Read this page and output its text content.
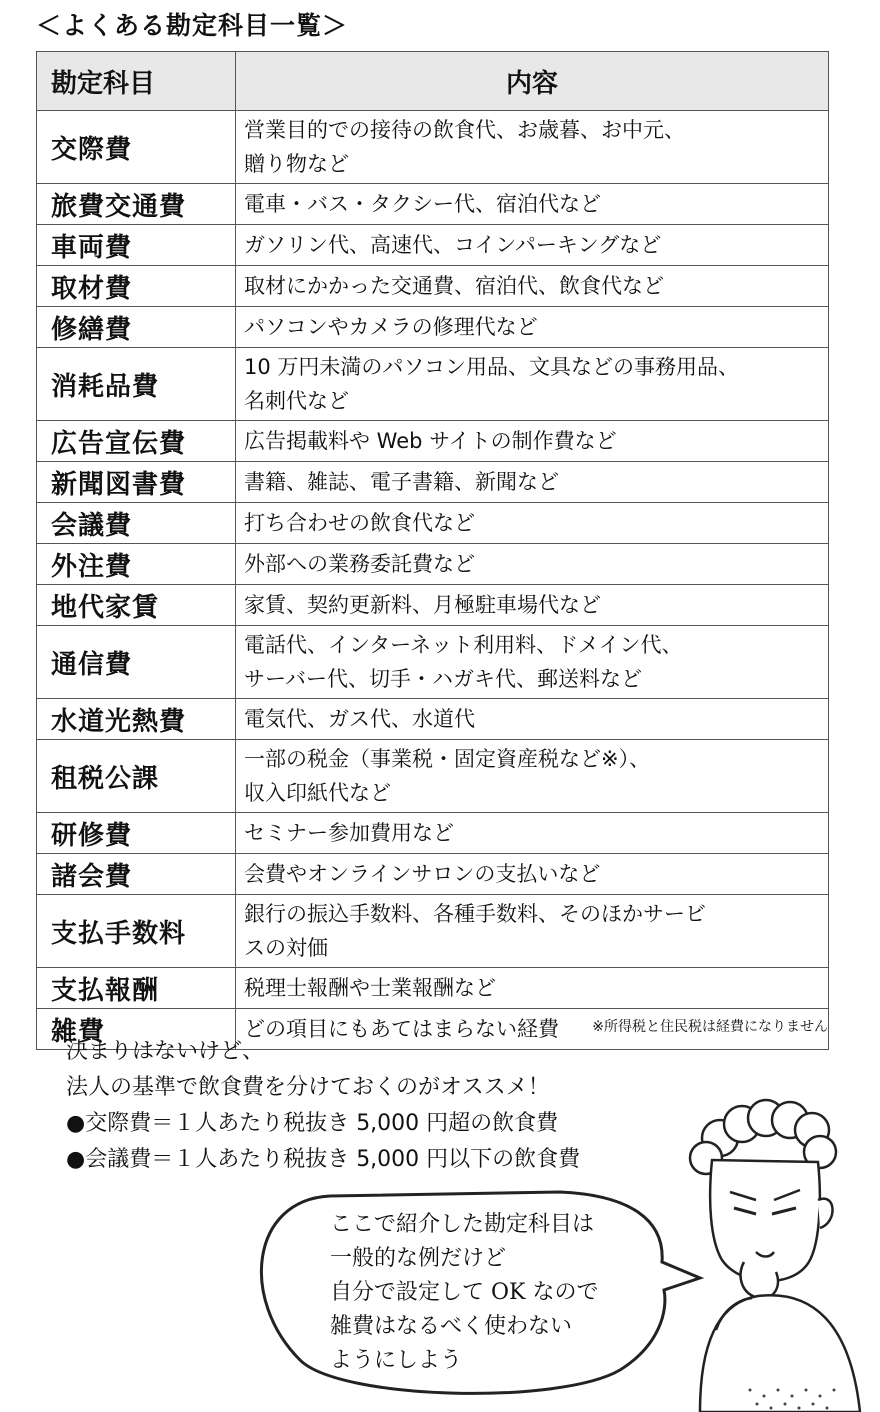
＜よくある勘定科目一覧＞
勘定科目	内容
交際費	営業目的での接待の飲食代、お歳暮、お中元、
贈り物など

旅費交通費	電車・バス・タクシー代、宿泊代など

車両費	ガソリン代、高速代、コインパーキングなど

取材費	取材にかかった交通費、宿泊代、飲食代など

修繕費	パソコンやカメラの修理代など

消耗品費	10 万円未満のパソコン用品、文具などの事務用品、
名刺代など

広告宣伝費	広告掲載料や Web サイトの制作費など

新聞図書費	書籍、雑誌、電子書籍、新聞など

会議費	打ち合わせの飲食代など

外注費	外部への業務委託費など

地代家賃	家賃、契約更新料、月極駐車場代など

通信費	電話代、インターネット利用料、ドメイン代、
サーバー代、切手・ハガキ代、郵送料など

水道光熱費	電気代、ガス代、水道代

租税公課	一部の税金（事業税・固定資産税など※）、
収入印紙代など

研修費	セミナー参加費用など

諸会費	会費やオンラインサロンの支払いなど

支払手数料	銀行の振込手数料、各種手数料、そのほかサービ
スの対価

支払報酬	税理士報酬や士業報酬など

雑費	どの項目にもあてはまらない経費	※所得税と住民税は経費になりません
決まりはないけど、
法人の基準で飲食費を分けておくのがオススメ！
●交際費＝１人あたり税抜き 5,000 円超の飲食費
●会議費＝１人あたり税抜き 5,000 円以下の飲食費
ここで紹介した勘定科目は
一般的な例だけど
自分で設定して OK なので
雑費はなるべく使わない
ようにしよう
